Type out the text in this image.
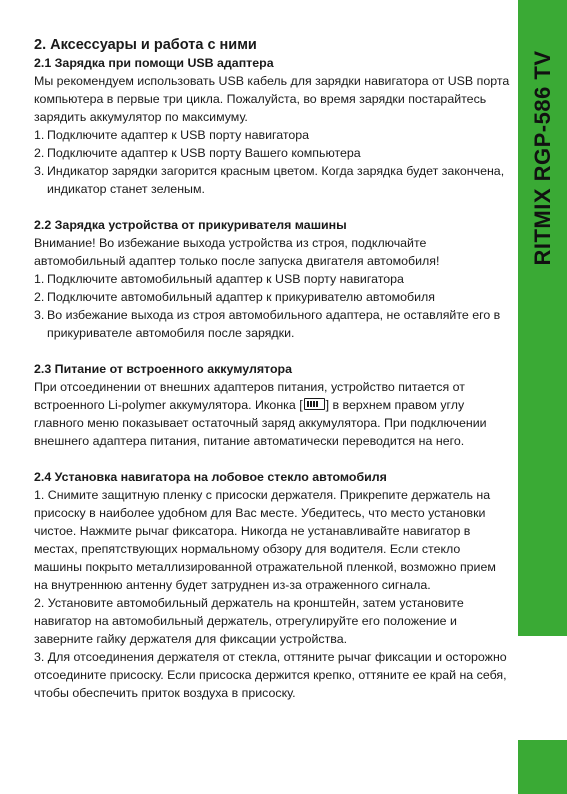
RITMIX RGP-586 TV
2. Аксессуары и работа с ними
2.1 Зарядка при помощи USB адаптера

Мы рекомендуем использовать USB кабель для зарядки навигатора от USB порта компьютера в первые три цикла. Пожалуйста, во время зарядки постарайтесь зарядить аккумулятор по максимуму.

1. Подключите адаптер к USB порту навигатора
2. Подключите адаптер к USB порту Вашего компьютера
3. Индикатор зарядки загорится красным цветом. Когда зарядка будет закончена, индикатор станет зеленым.
2.2 Зарядка устройства от прикуривателя машины

Внимание! Во избежание выхода устройства из строя, подключайте автомобильный адаптер только после запуска двигателя автомобиля!

1. Подключите автомобильный адаптер к USB порту навигатора
2. Подключите автомобильный адаптер к прикуривателю автомобиля
3. Во избежание выхода из строя автомобильного адаптера, не оставляйте его в прикуривателе автомобиля после зарядки.
2.3 Питание от встроенного аккумулятора

При отсоединении от внешних адаптеров питания, устройство питается от встроенного Li-polymer аккумулятора. Иконка [ ] в верхнем правом углу главного меню показывает остаточный заряд аккумулятора. При подключении внешнего адаптера питания, питание автоматически переводится на него.

2.4 Установка навигатора на лобовое стекло автомобиля

1. Снимите защитную пленку с присоски держателя. Прикрепите держатель на присоску в наиболее удобном для Вас месте. Убедитесь, что место установки чистое. Нажмите рычаг фиксатора. Никогда не устанавливайте навигатор в местах, препятствующих нормальному обзору для водителя. Если стекло машины покрыто металлизированной отражательной пленкой, возможно прием на внутреннюю антенну будет затруднен из-за отраженного сигнала.

2. Установите автомобильный держатель на кронштейн, затем установите навигатор на автомобильный держатель, отрегулируйте его положение и заверните гайку держателя для фиксации устройства.

3. Для отсоединения держателя от стекла, оттяните рычаг фиксации и осторожно отсоедините присоску. Если присоска держится крепко, оттяните ее край на себя, чтобы обеспечить приток воздуха в присоску.
